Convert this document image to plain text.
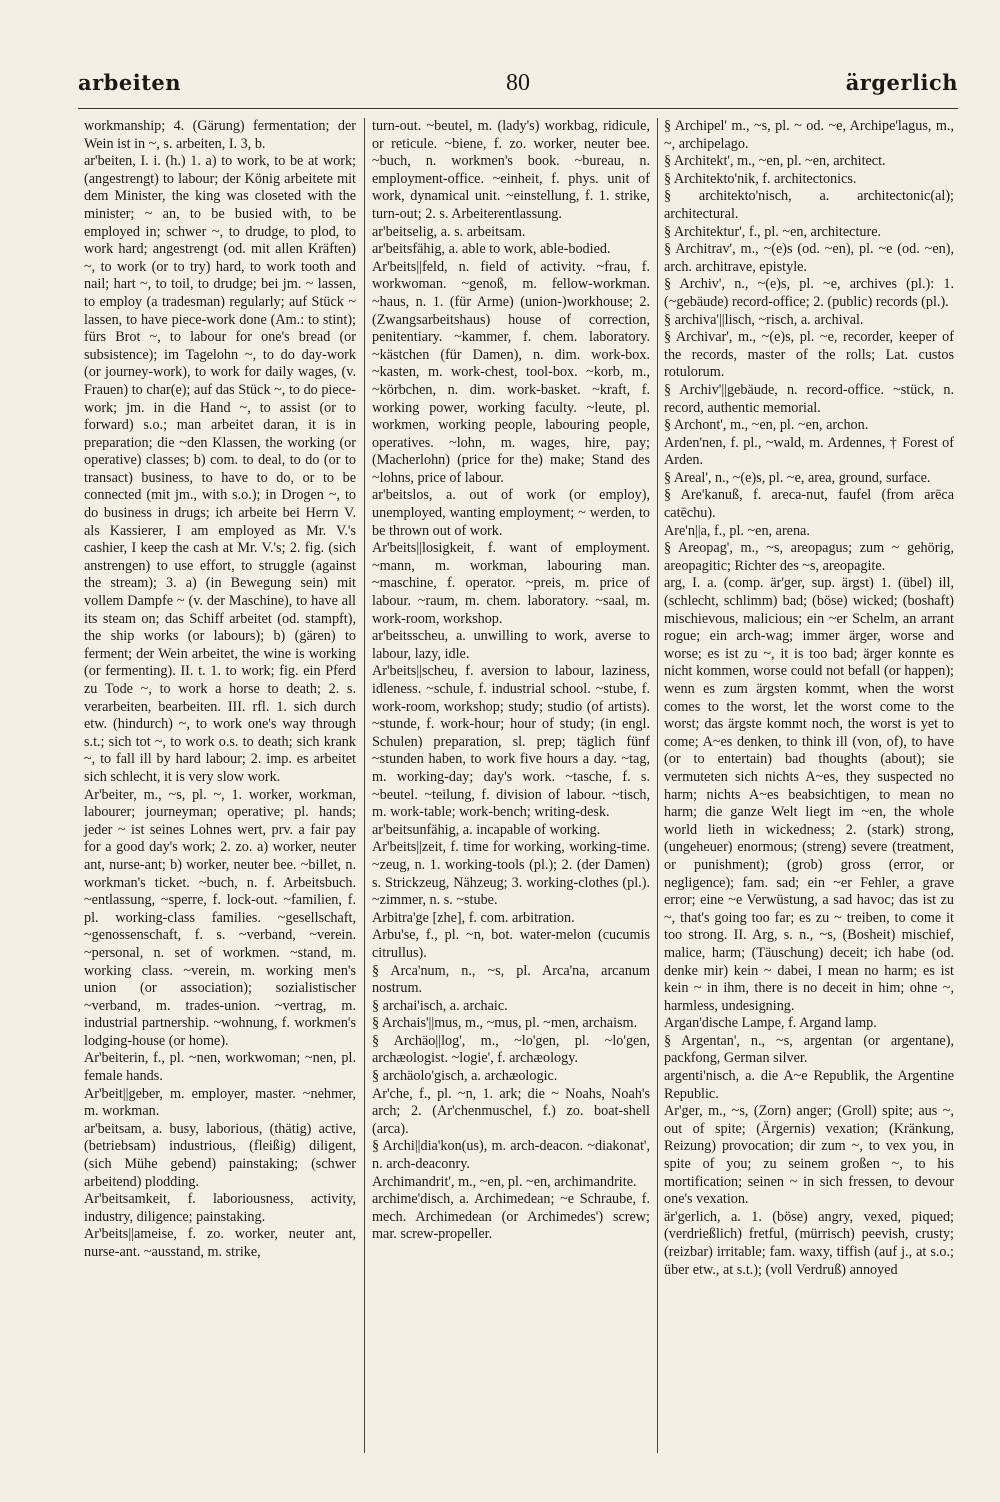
arbeiten	80	ärgerlich

workmanship; 4. (Gärung) fermentation; der Wein ist in ~, s. arbeiten, I. 3, b.

ar'beiten, I. i. (h.) 1. a) to work, to be at work; (angestrengt) to labour; der König arbeitete mit dem Minister, the king was closeted with the minister; ~ an, to be busied with, to be employed in; schwer ~, to drudge, to plod, to work hard; angestrengt (od. mit allen Kräften) ~, to work (or to try) hard, to work tooth and nail; hart ~, to toil, to drudge; bei jm. ~ lassen, to employ (a tradesman) regularly; auf Stück ~ lassen, to have piece-work done (Am.: to stint); fürs Brot ~, to labour for one's bread (or subsistence); im Tagelohn ~, to do day-work (or journey-work), to work for daily wages, (v. Frauen) to char(e); auf das Stück ~, to do piece-work; jm. in die Hand ~, to assist (or to forward) s.o.; man arbeitet daran, it is in preparation; die ~den Klassen, the working (or operative) classes; b) com. to deal, to do (or to transact) business, to have to do, or to be connected (mit jm., with s.o.); in Drogen ~, to do business in drugs; ich arbeite bei Herrn V. als Kassierer, I am employed as Mr. V.'s cashier, I keep the cash at Mr. V.'s; 2. fig. (sich anstrengen) to use effort, to struggle (against the stream); 3. a) (in Bewegung sein) mit vollem Dampfe ~ (v. der Maschine), to have all its steam on; das Schiff arbeitet (od. stampft), the ship works (or labours); b) (gären) to ferment; der Wein arbeitet, the wine is working (or fermenting). II. t. 1. to work; fig. ein Pferd zu Tode ~, to work a horse to death; 2. s. verarbeiten, bearbeiten. III. rfl. 1. sich durch etw. (hindurch) ~, to work one's way through s.t.; sich tot ~, to work o.s. to death; sich krank ~, to fall ill by hard labour; 2. imp. es arbeitet sich schlecht, it is very slow work.

Ar'beiter, m., ~s, pl. ~, 1. worker, workman, labourer; journeyman; operative; pl. hands; jeder ~ ist seines Lohnes wert, prv. a fair pay for a good day's work; 2. zo. a) worker, neuter ant, nurse-ant; b) worker, neuter bee. ~billet, n. workman's ticket. ~buch, n. f. Arbeitsbuch. ~entlassung, ~sperre, f. lock-out. ~familien, f. pl. working-class families. ~gesellschaft, ~genossenschaft, f. s. ~verband, ~verein. ~personal, n. set of workmen. ~stand, m. working class. ~verein, m. working men's union (or association); sozialistischer ~verband, m. trades-union. ~vertrag, m. industrial partnership. ~wohnung, f. workmen's lodging-house (or home).

Ar'beiterin, f., pl. ~nen, workwoman; ~nen, pl. female hands.

Ar'beit||geber, m. employer, master. ~nehmer, m. workman.

ar'beitsam, a. busy, laborious, (thätig) active, (betriebsam) industrious, (fleißig) diligent, (sich Mühe gebend) painstaking; (schwer arbeitend) plodding.

Ar'beitsamkeit, f. laboriousness, activity, industry, diligence; painstaking.

Ar'beits||ameise, f. zo. worker, neuter ant, nurse-ant. ~ausstand, m. strike,

turn-out. ~beutel, m. (lady's) workbag, ridicule, or reticule. ~biene, f. zo. worker, neuter bee. ~buch, n. workmen's book. ~bureau, n. employment-office. ~einheit, f. phys. unit of work, dynamical unit. ~einstellung, f. 1. strike, turn-out; 2. s. Arbeiterentlassung.

ar'beitselig, a. s. arbeitsam.

ar'beitsfähig, a. able to work, able-bodied.

Ar'beits||feld, n. field of activity. ~frau, f. workwoman. ~genoß, m. fellow-workman. ~haus, n. 1. (für Arme) (union-)workhouse; 2. (Zwangsarbeitshaus) house of correction, penitentiary. ~kammer, f. chem. laboratory. ~kästchen (für Damen), n. dim. work-box. ~kasten, m. work-chest, tool-box. ~korb, m., ~körbchen, n. dim. work-basket. ~kraft, f. working power, working faculty. ~leute, pl. workmen, working people, labouring people, operatives. ~lohn, m. wages, hire, pay; (Macherlohn) (price for the) make; Stand des ~lohns, price of labour.

ar'beitslos, a. out of work (or employ), unemployed, wanting employment; ~ werden, to be thrown out of work.

Ar'beits||losigkeit, f. want of employment. ~mann, m. workman, labouring man. ~maschine, f. operator. ~preis, m. price of labour. ~raum, m. chem. laboratory. ~saal, m. work-room, workshop.

ar'beitsscheu, a. unwilling to work, averse to labour, lazy, idle.

Ar'beits||scheu, f. aversion to labour, laziness, idleness. ~schule, f. industrial school. ~stube, f. work-room, workshop; study; studio (of artists). ~stunde, f. work-hour; hour of study; (in engl. Schulen) preparation, sl. prep; täglich fünf ~stunden haben, to work five hours a day. ~tag, m. working-day; day's work. ~tasche, f. s. ~beutel. ~teilung, f. division of labour. ~tisch, m. work-table; work-bench; writing-desk.

ar'beitsunfähig, a. incapable of working.

Ar'beits||zeit, f. time for working, working-time. ~zeug, n. 1. working-tools (pl.); 2. (der Damen) s. Strickzeug, Nähzeug; 3. working-clothes (pl.). ~zimmer, n. s. ~stube.

Arbitra'ge [zhe], f. com. arbitration.

Arbu'se, f., pl. ~n, bot. water-melon (cucumis citrullus).

§ Arca'num, n., ~s, pl. Arca'na, arcanum nostrum.

§ archai'isch, a. archaic.

§ Archais'||mus, m., ~mus, pl. ~men, archaism.

§ Archäo||log', m., ~lo'gen, pl. ~lo'gen, archæologist. ~logie', f. archæology.

§ archäolo'gisch, a. archæologic.

Ar'che, f., pl. ~n, 1. ark; die ~ Noahs, Noah's arch; 2. (Ar'chenmuschel, f.) zo. boat-shell (arca).

§ Archi||dia'kon(us), m. arch-deacon. ~diakonat', n. arch-deaconry.

Archimandrit', m., ~en, pl. ~en, archimandrite.

archime'disch, a. Archimedean; ~e Schraube, f. mech. Archimedean (or Archimedes') screw; mar. screw-propeller.

§ Archipel' m., ~s, pl. ~ od. ~e, Archipe'lagus, m., ~, archipelago.

§ Architekt', m., ~en, pl. ~en, architect.

§ Architekto'nik, f. architectonics.

§ architekto'nisch, a. architectonic(al); architectural.

§ Architektur', f., pl. ~en, architecture.

§ Architrav', m., ~(e)s (od. ~en), pl. ~e (od. ~en), arch. architrave, epistyle.

§ Archiv', n., ~(e)s, pl. ~e, archives (pl.): 1. (~gebäude) record-office; 2. (public) records (pl.).

§ archiva'||lisch, ~risch, a. archival.

§ Archivar', m., ~(e)s, pl. ~e, recorder, keeper of the records, master of the rolls; Lat. custos rotulorum.

§ Archiv'||gebäude, n. record-office. ~stück, n. record, authentic memorial.

§ Archont', m., ~en, pl. ~en, archon.

Arden'nen, f. pl., ~wald, m. Ardennes, † Forest of Arden.

§ Areal', n., ~(e)s, pl. ~e, area, ground, surface.

§ Are'kanuß, f. areca-nut, faufel (from arēca catēchu).

Are'n||a, f., pl. ~en, arena.

§ Areopag', m., ~s, areopagus; zum ~ gehörig, areopagitic; Richter des ~s, areopagite.

arg, I. a. (comp. är'ger, sup. ärgst) 1. (übel) ill, (schlecht, schlimm) bad; (böse) wicked; (boshaft) mischievous, malicious; ein ~er Schelm, an arrant rogue; ein arch-wag; immer ärger, worse and worse; es ist zu ~, it is too bad; ärger konnte es nicht kommen, worse could not befall (or happen); wenn es zum ärgsten kommt, when the worst comes to the worst, let the worst come to the worst; das ärgste kommt noch, the worst is yet to come; A~es denken, to think ill (von, of), to have (or to entertain) bad thoughts (about); sie vermuteten sich nichts A~es, they suspected no harm; nichts A~es beabsichtigen, to mean no harm; die ganze Welt liegt im ~en, the whole world lieth in wickedness; 2. (stark) strong, (ungeheuer) enormous; (streng) severe (treatment, or punishment); (grob) gross (error, or negligence); fam. sad; ein ~er Fehler, a grave error; eine ~e Verwüstung, a sad havoc; das ist zu ~, that's going too far; es zu ~ treiben, to come it too strong. II. Arg, s. n., ~s, (Bosheit) mischief, malice, harm; (Täuschung) deceit; ich habe (od. denke mir) kein ~ dabei, I mean no harm; es ist kein ~ in ihm, there is no deceit in him; ohne ~, harmless, undesigning.

Argan'dische Lampe, f. Argand lamp.

§ Argentan', n., ~s, argentan (or argentane), packfong, German silver.

argenti'nisch, a. die A~e Republik, the Argentine Republic.

Ar'ger, m., ~s, (Zorn) anger; (Groll) spite; aus ~, out of spite; (Ärgernis) vexation; (Kränkung, Reizung) provocation; dir zum ~, to vex you, in spite of you; zu seinem großen ~, to his mortification; seinen ~ in sich fressen, to devour one's vexation.

är'gerlich, a. 1. (böse) angry, vexed, piqued; (verdrießlich) fretful, (mürrisch) peevish, crusty; (reizbar) irritable; fam. waxy, tiffish (auf j., at s.o.; über etw., at s.t.); (voll Verdruß) annoyed
